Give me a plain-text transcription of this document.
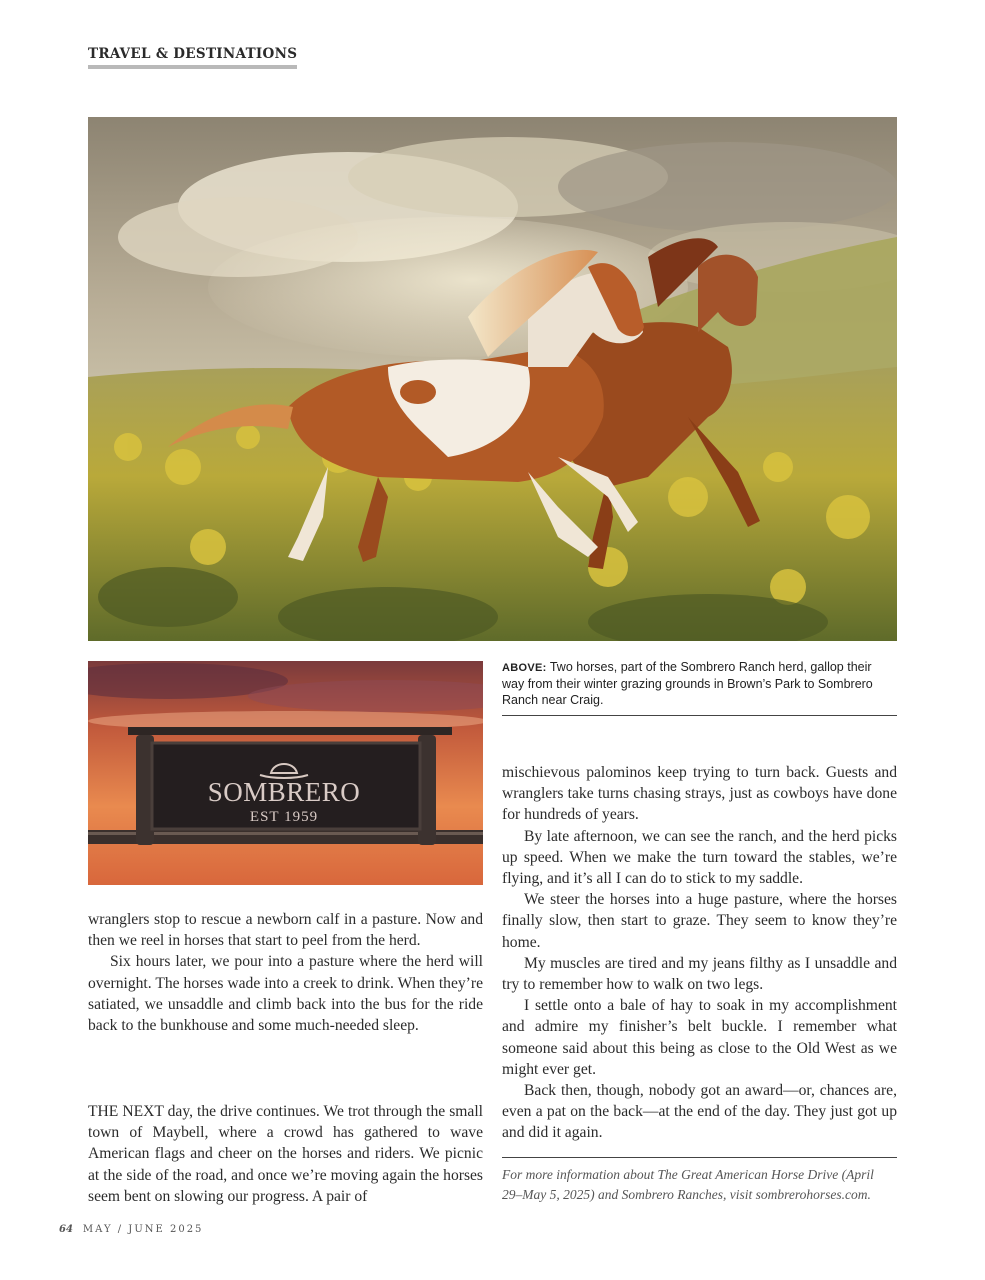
TRAVEL & DESTINATIONS
SOMBRERO
EST 1959
ABOVE: Two horses, part of the Sombrero Ranch herd, gallop their way from their winter grazing grounds in Brown’s Park to Sombrero Ranch near Craig.

wranglers stop to rescue a newborn calf in a pasture. Now and then we reel in horses that start to peel from the herd.

Six hours later, we pour into a pasture where the herd will overnight. The horses wade into a creek to drink. When they’re satiated, we unsaddle and climb back into the bus for the ride back to the bunkhouse and some much-needed sleep.

THE NEXT day, the drive continues. We trot through the small town of Maybell, where a crowd has gathered to wave American flags and cheer on the horses and riders. We picnic at the side of the road, and once we’re moving again the horses seem bent on slowing our progress. A pair of

mischievous palominos keep trying to turn back. Guests and wranglers take turns chasing strays, just as cowboys have done for hundreds of years.

By late afternoon, we can see the ranch, and the herd picks up speed. When we make the turn toward the stables, we’re flying, and it’s all I can do to stick to my saddle.

We steer the horses into a huge pasture, where the horses finally slow, then start to graze. They seem to know they’re home.

My muscles are tired and my jeans filthy as I unsaddle and try to remember how to walk on two legs.

I settle onto a bale of hay to soak in my accomplishment and admire my finisher’s belt buckle. I remember what someone said about this being as close to the Old West as we might ever get.

Back then, though, nobody got an award—or, chances are, even a pat on the back—at the end of the day. They just got up and did it again.

For more information about The Great American Horse Drive (April 29–May 5, 2025) and Sombrero Ranches, visit sombrerohorses.com.
64 MAY / JUNE 2025
